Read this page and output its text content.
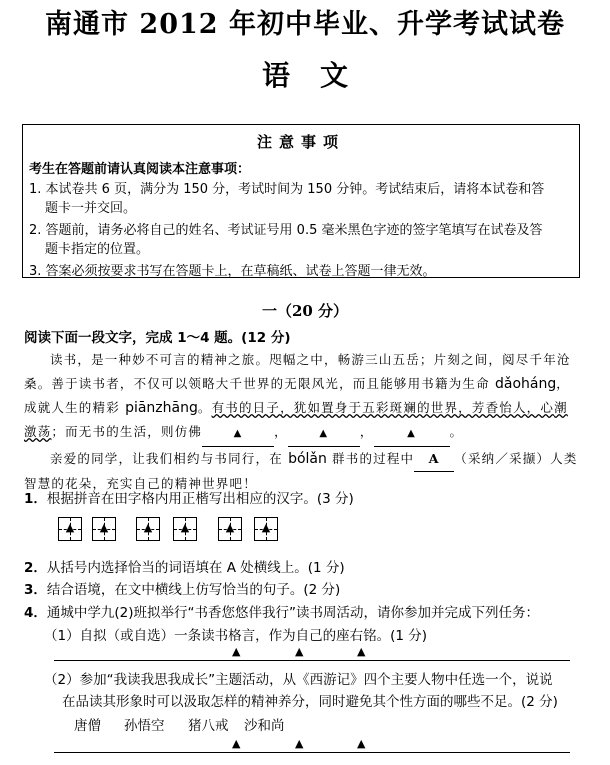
南通市 2012 年初中毕业、升学考试试卷
语文
注意事项
考生在答题前请认真阅读本注意事项：
1. 本试卷共 6 页，满分为 150 分，考试时间为 150 分钟。考试结束后，请将本试卷和答
题卡一并交回。
2. 答题前，请务必将自己的姓名、考试证号用 0.5 毫米黑色字迹的签字笔填写在试卷及答
题卡指定的位置。
3. 答案必须按要求书写在答题卡上，在草稿纸、试卷上答题一律无效。
一（20 分）
阅读下面一段文字，完成 1～4 题。(12 分)

读书，是一种妙不可言的精神之旅。咫幅之中，畅游三山五岳；片刻之间，阅尽千年沧桑。善于读书者，不仅可以领略大千世界的无限风光，而且能够用书籍为生命 dǎoháng，成就人生的精彩 piānzhāng。有书的日子，犹如置身于五彩斑斓的世界，芳香怡人，心潮激荡；而无书的生活，则仿佛	▲	，	▲	，	▲	。

亲爱的同学，让我们相约与书同行，在 bólǎn 群书的过程中 A （采纳／采撷）人类智慧的花朵，充实自己的精神世界吧！

1．根据拼音在田字格内用正楷写出相应的汉字。(3 分)
▲	▲	▲	▲	▲	▲
2．从括号内选择恰当的词语填在 A 处横线上。(1 分)
3．结合语境，在文中横线上仿写恰当的句子。(2 分)
4．通城中学九(2)班拟举行“书香您悠伴我行”读书周活动，请你参加并完成下列任务：
（1）自拟（或自选）一条读书格言，作为自己的座右铭。(1 分)
▲	▲	▲
（2）参加“我读我思我成长”主题活动，从《西游记》四个主要人物中任选一个，说说
在品读其形象时可以汲取怎样的精神养分，同时避免其个性方面的哪些不足。(2 分)
唐僧 孙悟空 猪八戒 沙和尚
▲	▲	▲
